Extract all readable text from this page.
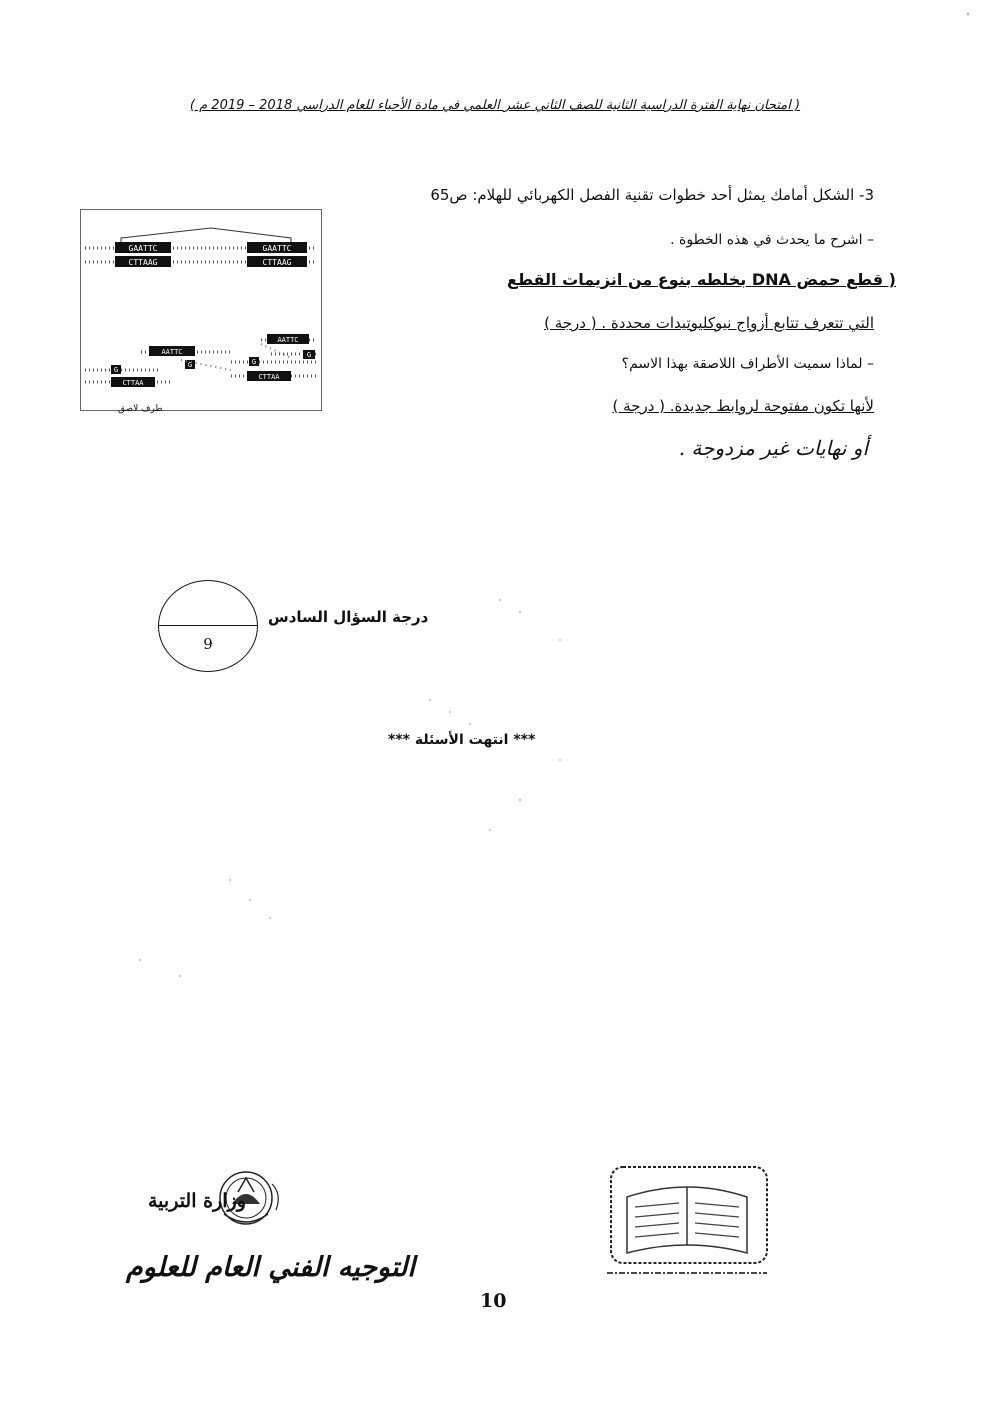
( امتحان نهاية الفترة الدراسية الثانية للصف الثاني عشر العلمي في مادة الأحياء للعام الدراسي 2018 – 2019 م )
3- الشكل أمامك يمثل أحد خطوات تقنية الفصل الكهربائي للهلام: ص65
– اشرح ما يحدث في هذه الخطوة .
( قطع حمض DNA بخلطه بنوع من انزيمات القطع
التي تتعرف تتابع أزواج نيوكليوتيدات محددة . ( درجة )
– لماذا سميت الأطراف اللاصقة بهذا الاسم؟
لأنها تكون مفتوحة لروابط جديدة. ( درجة )
أو نهايات غير مزدوجة .
GAATTC
CTTAAG
GAATTC
CTTAAG
AATTC
G
AATTC
G
G
CTTAA
G
CTTAA
طرف لاصق
9
درجة السؤال السادس
*** انتهت الأسئلة ***
وزارة التربية
التوجيه الفني العام للعلوم
10
